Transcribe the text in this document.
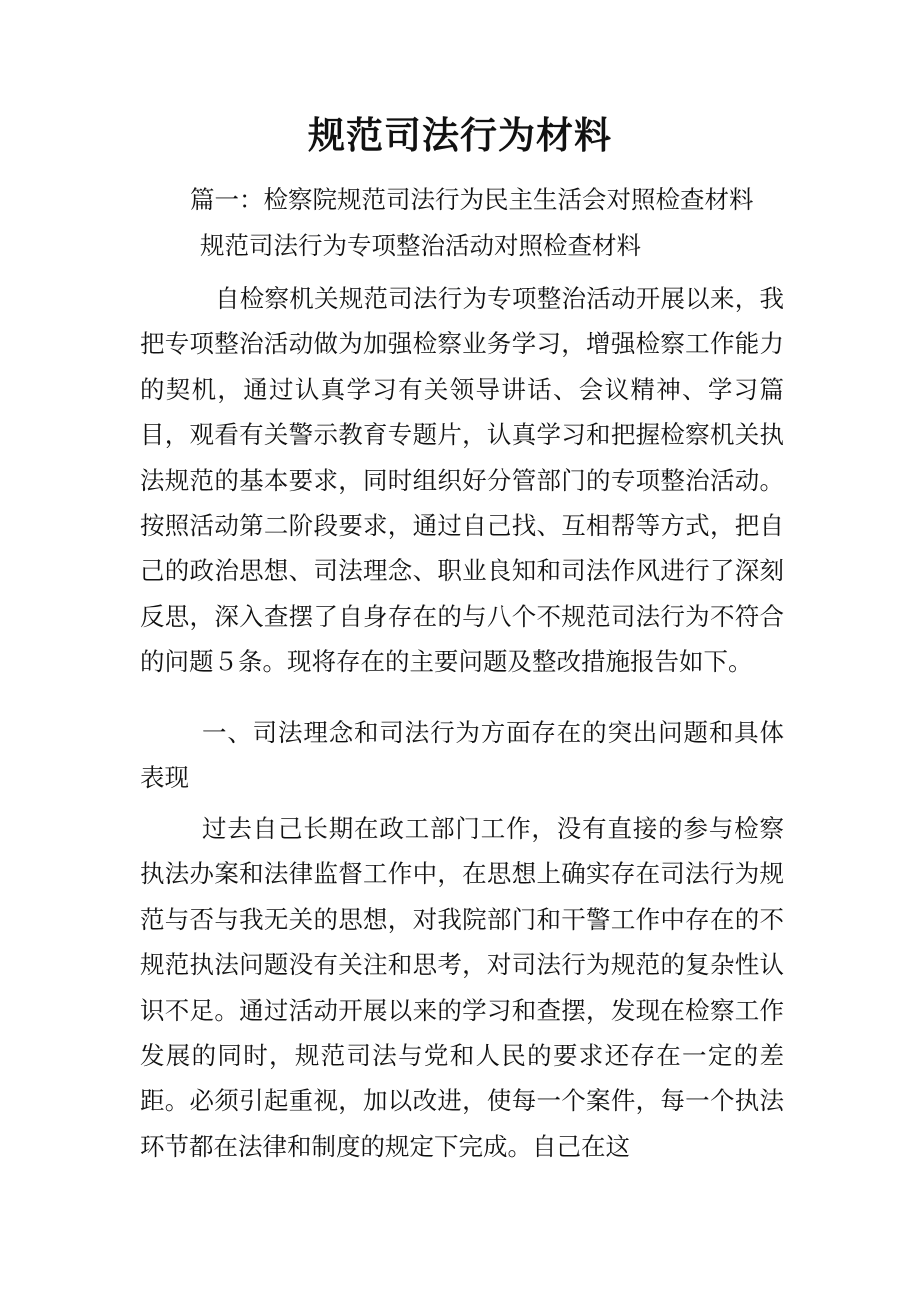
规范司法行为材料

篇一：检察院规范司法行为民主生活会对照检查材料

规范司法行为专项整治活动对照检查材料

自检察机关规范司法行为专项整治活动开展以来，我把专项整治活动做为加强检察业务学习，增强检察工作能力的契机，通过认真学习有关领导讲话、会议精神、学习篇目，观看有关警示教育专题片，认真学习和把握检察机关执法规范的基本要求，同时组织好分管部门的专项整治活动。按照活动第二阶段要求，通过自己找、互相帮等方式，把自己的政治思想、司法理念、职业良知和司法作风进行了深刻反思，深入查摆了自身存在的与八个不规范司法行为不符合的问题５条。现将存在的主要问题及整改措施报告如下。

一、司法理念和司法行为方面存在的突出问题和具体表现

过去自己长期在政工部门工作，没有直接的参与检察执法办案和法律监督工作中，在思想上确实存在司法行为规范与否与我无关的思想，对我院部门和干警工作中存在的不规范执法问题没有关注和思考，对司法行为规范的复杂性认识不足。通过活动开展以来的学习和查摆，发现在检察工作发展的同时，规范司法与党和人民的要求还存在一定的差距。必须引起重视，加以改进，使每一个案件，每一个执法环节都在法律和制度的规定下完成。自己在这
